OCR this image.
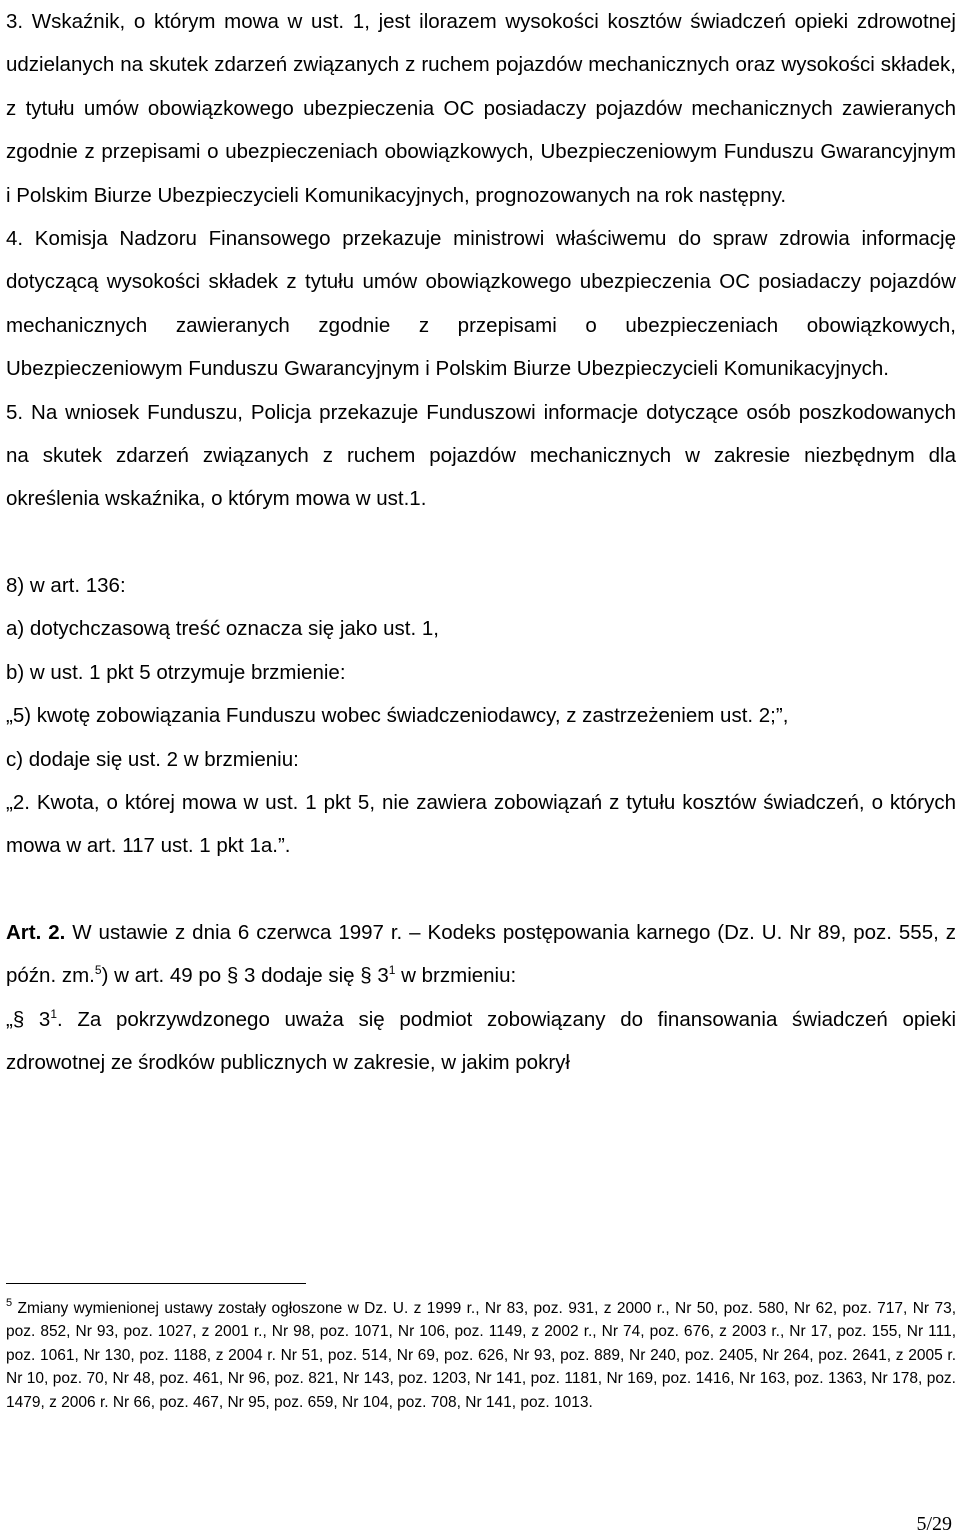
3. Wskaźnik, o którym mowa w ust. 1, jest ilorazem wysokości kosztów świadczeń opieki zdrowotnej udzielanych na skutek zdarzeń związanych z ruchem pojazdów mechanicznych oraz wysokości składek, z tytułu umów obowiązkowego ubezpieczenia OC posiadaczy pojazdów mechanicznych zawieranych zgodnie z przepisami o ubezpieczeniach obowiązkowych, Ubezpieczeniowym Funduszu Gwarancyjnym i Polskim Biurze Ubezpieczycieli Komunikacyjnych, prognozowanych na rok następny.

4. Komisja Nadzoru Finansowego przekazuje ministrowi właściwemu do spraw zdrowia informację dotyczącą wysokości składek z tytułu umów obowiązkowego ubezpieczenia OC posiadaczy pojazdów mechanicznych zawieranych zgodnie z przepisami o ubezpieczeniach obowiązkowych, Ubezpieczeniowym Funduszu Gwarancyjnym i Polskim Biurze Ubezpieczycieli Komunikacyjnych.

5. Na wniosek Funduszu, Policja przekazuje Funduszowi informacje dotyczące osób poszkodowanych na skutek zdarzeń związanych z ruchem pojazdów mechanicznych w zakresie niezbędnym dla określenia wskaźnika, o którym mowa w ust.1.

8) w art. 136:

a) dotychczasową treść oznacza się jako ust. 1,

b) w ust. 1 pkt 5 otrzymuje brzmienie:

„5) kwotę zobowiązania Funduszu wobec świadczeniodawcy, z zastrzeżeniem ust. 2;”,

c) dodaje się ust. 2 w brzmieniu:

„2. Kwota, o której mowa w ust. 1 pkt 5, nie zawiera zobowiązań z tytułu kosztów świadczeń, o których mowa w art. 117 ust. 1 pkt 1a.”.

Art. 2. W ustawie z dnia 6 czerwca 1997 r. – Kodeks postępowania karnego (Dz. U. Nr 89, poz. 555, z późn. zm.$^5$) w art. 49 po § 3 dodaje się § $3^1$ w brzmieniu:

„§ $3^1$. Za pokrzywdzonego uważa się podmiot zobowiązany do finansowania świadczeń opieki zdrowotnej ze środków publicznych w zakresie, w jakim pokrył

$^5$ Zmiany wymienionej ustawy zostały ogłoszone w Dz. U. z 1999 r., Nr 83, poz. 931, z 2000 r., Nr 50, poz. 580, Nr 62, poz. 717, Nr 73, poz. 852, Nr 93, poz. 1027, z 2001 r., Nr 98, poz. 1071, Nr 106, poz. 1149, z 2002 r., Nr 74, poz. 676, z 2003 r., Nr 17, poz. 155, Nr 111, poz. 1061, Nr 130, poz. 1188, z 2004 r. Nr 51, poz. 514, Nr 69, poz. 626, Nr 93, poz. 889, Nr 240, poz. 2405, Nr 264, poz. 2641, z 2005 r. Nr 10, poz. 70, Nr 48, poz. 461, Nr 96, poz. 821, Nr 143, poz. 1203, Nr 141, poz. 1181, Nr 169, poz. 1416, Nr 163, poz. 1363, Nr 178, poz. 1479, z 2006 r. Nr 66, poz. 467, Nr 95, poz. 659, Nr 104, poz. 708, Nr 141, poz. 1013.

5/29
